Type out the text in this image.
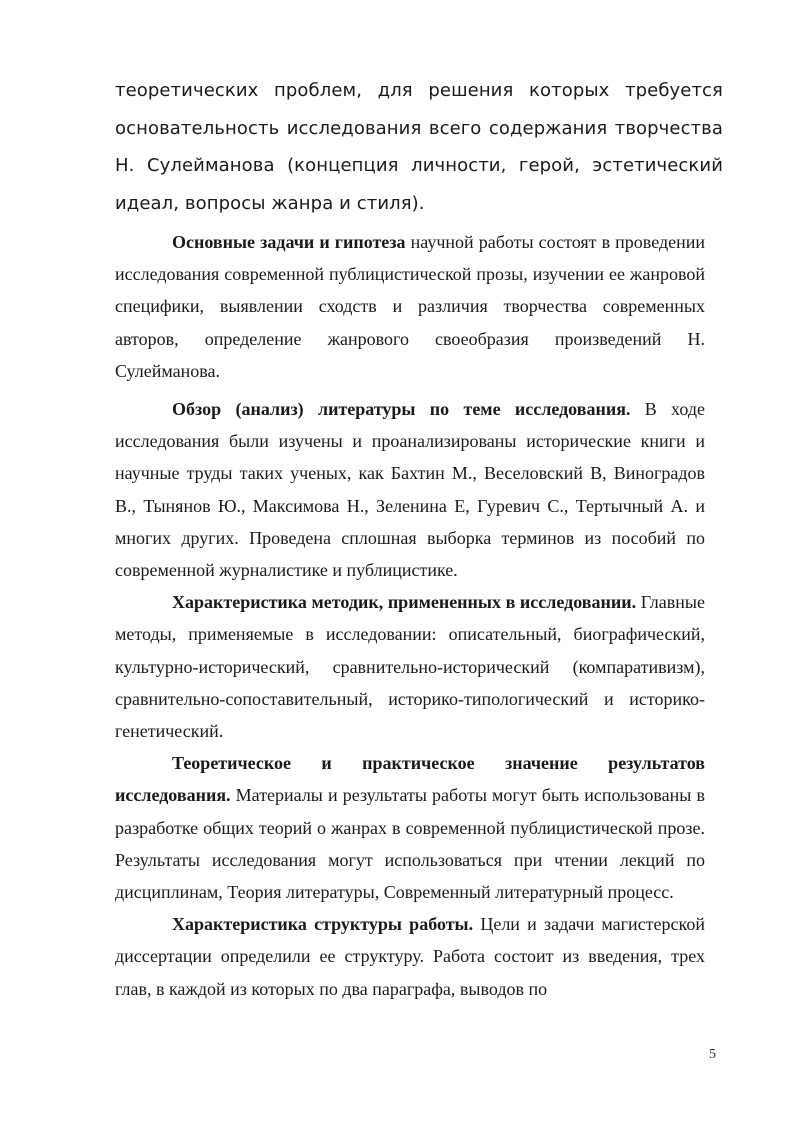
теоретических проблем, для решения которых требуется основательность исследования всего содержания творчества Н. Сулейманова (концепция личности, герой, эстетический идеал, вопросы жанра и стиля).

Основные задачи и гипотеза научной работы состоят в проведении исследования современной публицистической прозы, изучении ее жанровой специфики, выявлении сходств и различия творчества современных авторов, определение жанрового своеобразия произведений Н. Сулейманова.

Обзор (анализ) литературы по теме исследования. В ходе исследования были изучены и проанализированы исторические книги и научные труды таких ученых, как Бахтин М., Веселовский В, Виноградов В., Тынянов Ю., Максимова Н., Зеленина Е, Гуревич С., Тертычный А. и многих других. Проведена сплошная выборка терминов из пособий по современной журналистике и публицистике.

Характеристика методик, примененных в исследовании. Главные методы, применяемые в исследовании: описательный, биографический, культурно-исторический, сравнительно-исторический (компаративизм), сравнительно-сопоставительный, историко-типологический и историко-генетический.

Теоретическое и практическое значение результатов исследования. Материалы и результаты работы могут быть использованы в разработке общих теорий о жанрах в современной публицистической прозе. Результаты исследования могут использоваться при чтении лекций по дисциплинам, Теория литературы, Современный литературный процесс.

Характеристика структуры работы. Цели и задачи магистерской диссертации определили ее структуру. Работа состоит из введения, трех глав, в каждой из которых по два параграфа, выводов по

5
